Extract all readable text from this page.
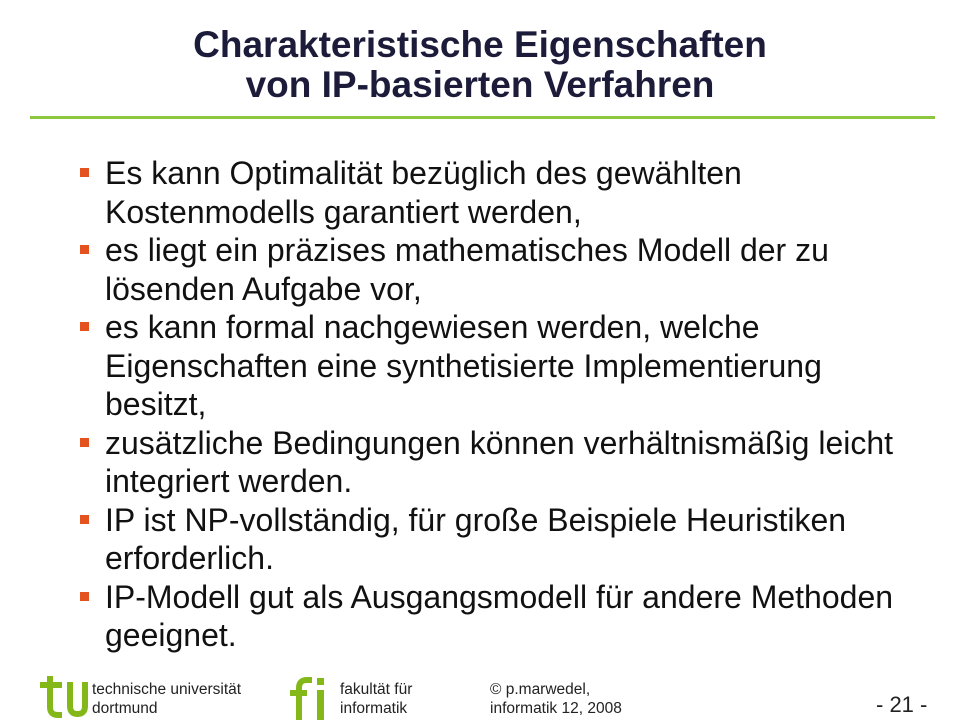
Charakteristische Eigenschaften
von IP-basierten Verfahren
Es kann Optimalität bezüglich des gewählten
Kostenmodells garantiert werden,
es liegt ein präzises mathematisches Modell der zu
lösenden Aufgabe vor,
es kann formal nachgewiesen werden, welche
Eigenschaften eine synthetisierte Implementierung
besitzt,
zusätzliche Bedingungen können verhältnismäßig leicht
integriert werden.
IP ist NP-vollständig, für große Beispiele Heuristiken
erforderlich.
IP-Modell gut als Ausgangsmodell für andere Methoden
geeignet.
technische universität
dortmund
fakultät für
informatik
© p.marwedel,
informatik 12, 2008	- 21 -
